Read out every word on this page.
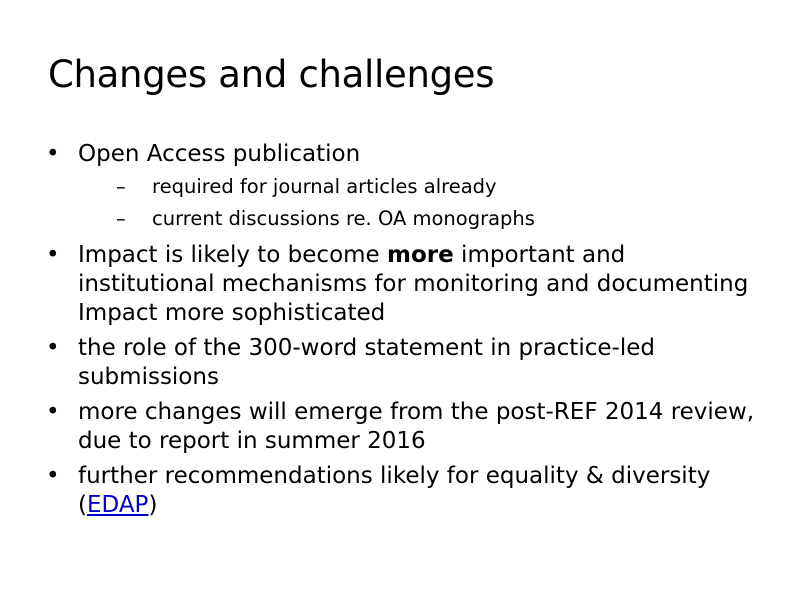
Changes and challenges
• Open Access publication
– required for journal articles already
– current discussions re. OA monographs
• Impact is likely to become more important and institutional mechanisms for monitoring and documenting Impact more sophisticated
• the role of the 300-word statement in practice-led submissions
• more changes will emerge from the post-REF 2014 review, due to report in summer 2016
• further recommendations likely for equality & diversity (EDAP)
